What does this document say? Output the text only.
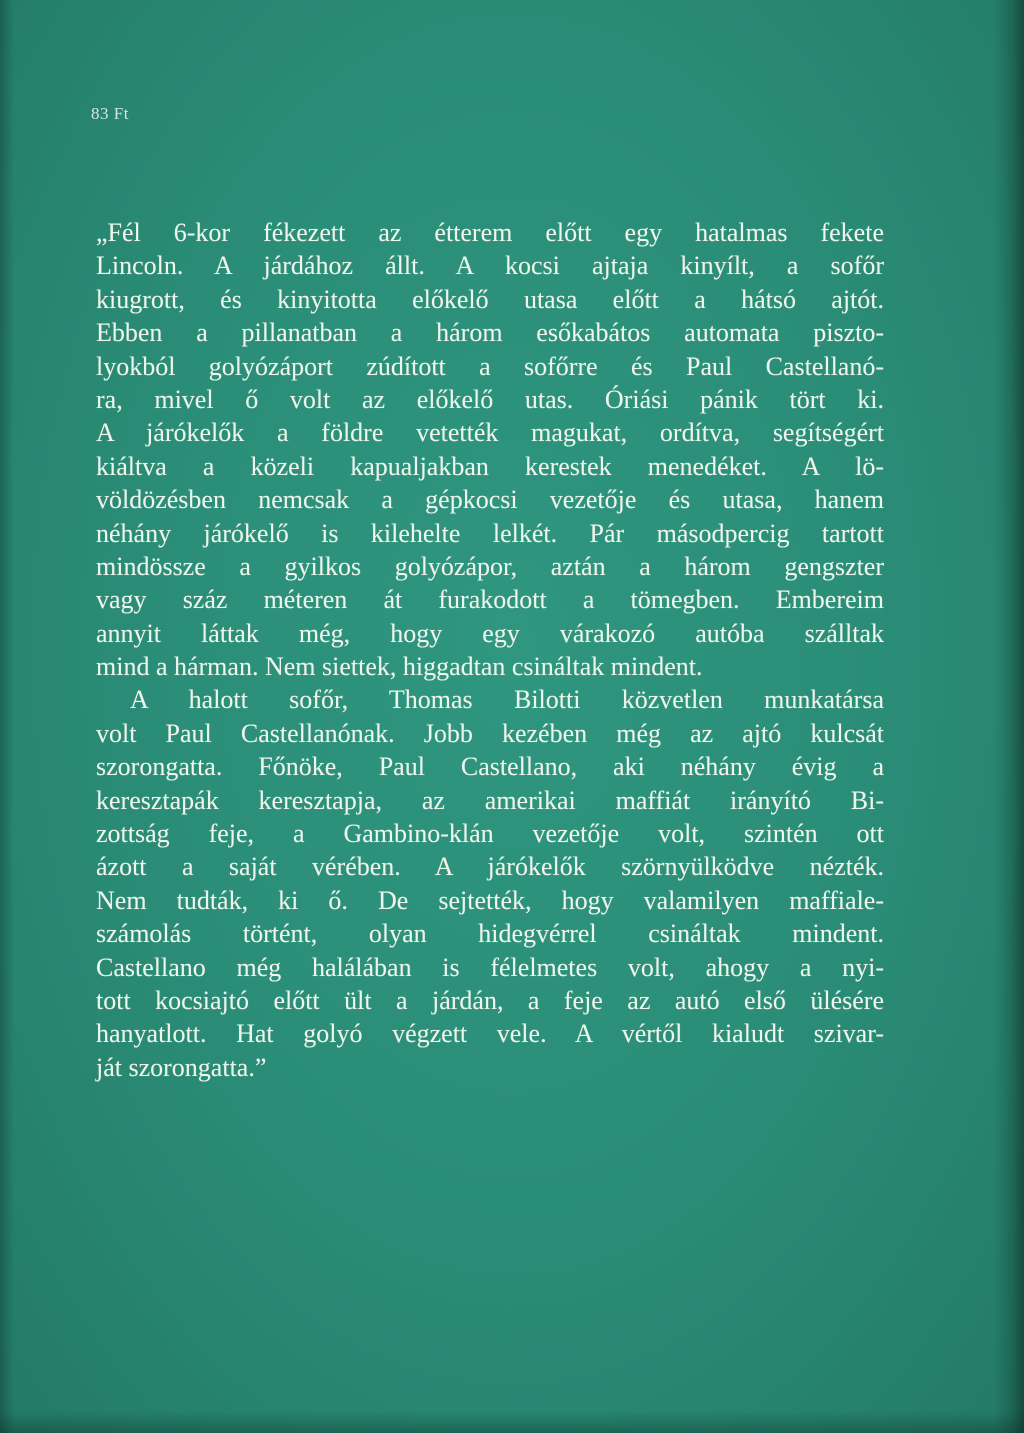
83 Ft
„Fél 6-kor fékezett az étterem előtt egy hatalmas fekete
Lincoln. A járdához állt. A kocsi ajtaja kinyílt, a sofőr
kiugrott, és kinyitotta előkelő utasa előtt a hátsó ajtót.
Ebben a pillanatban a három esőkabátos automata piszto-
lyokból golyózáport zúdított a sofőrre és Paul Castellanó-
ra, mivel ő volt az előkelő utas. Óriási pánik tört ki.
A járókelők a földre vetették magukat, ordítva, segítségért
kiáltva a közeli kapualjakban kerestek menedéket. A lö-
völdözésben nemcsak a gépkocsi vezetője és utasa, hanem
néhány járókelő is kilehelte lelkét. Pár másodpercig tartott
mindössze a gyilkos golyózápor, aztán a három gengszter
vagy száz méteren át furakodott a tömegben. Embereim
annyit láttak még, hogy egy várakozó autóba szálltak
mind a hárman. Nem siettek, higgadtan csináltak mindent.
A halott sofőr, Thomas Bilotti közvetlen munkatársa
volt Paul Castellanónak. Jobb kezében még az ajtó kulcsát
szorongatta. Főnöke, Paul Castellano, aki néhány évig a
keresztapák keresztapja, az amerikai maffiát irányító Bi-
zottság feje, a Gambino-klán vezetője volt, szintén ott
ázott a saját vérében. A járókelők szörnyülködve nézték.
Nem tudták, ki ő. De sejtették, hogy valamilyen maffiale-
számolás történt, olyan hidegvérrel csináltak mindent.
Castellano még halálában is félelmetes volt, ahogy a nyi-
tott kocsiajtó előtt ült a járdán, a feje az autó első ülésére
hanyatlott. Hat golyó végzett vele. A vértől kialudt szivar-
ját szorongatta.”
